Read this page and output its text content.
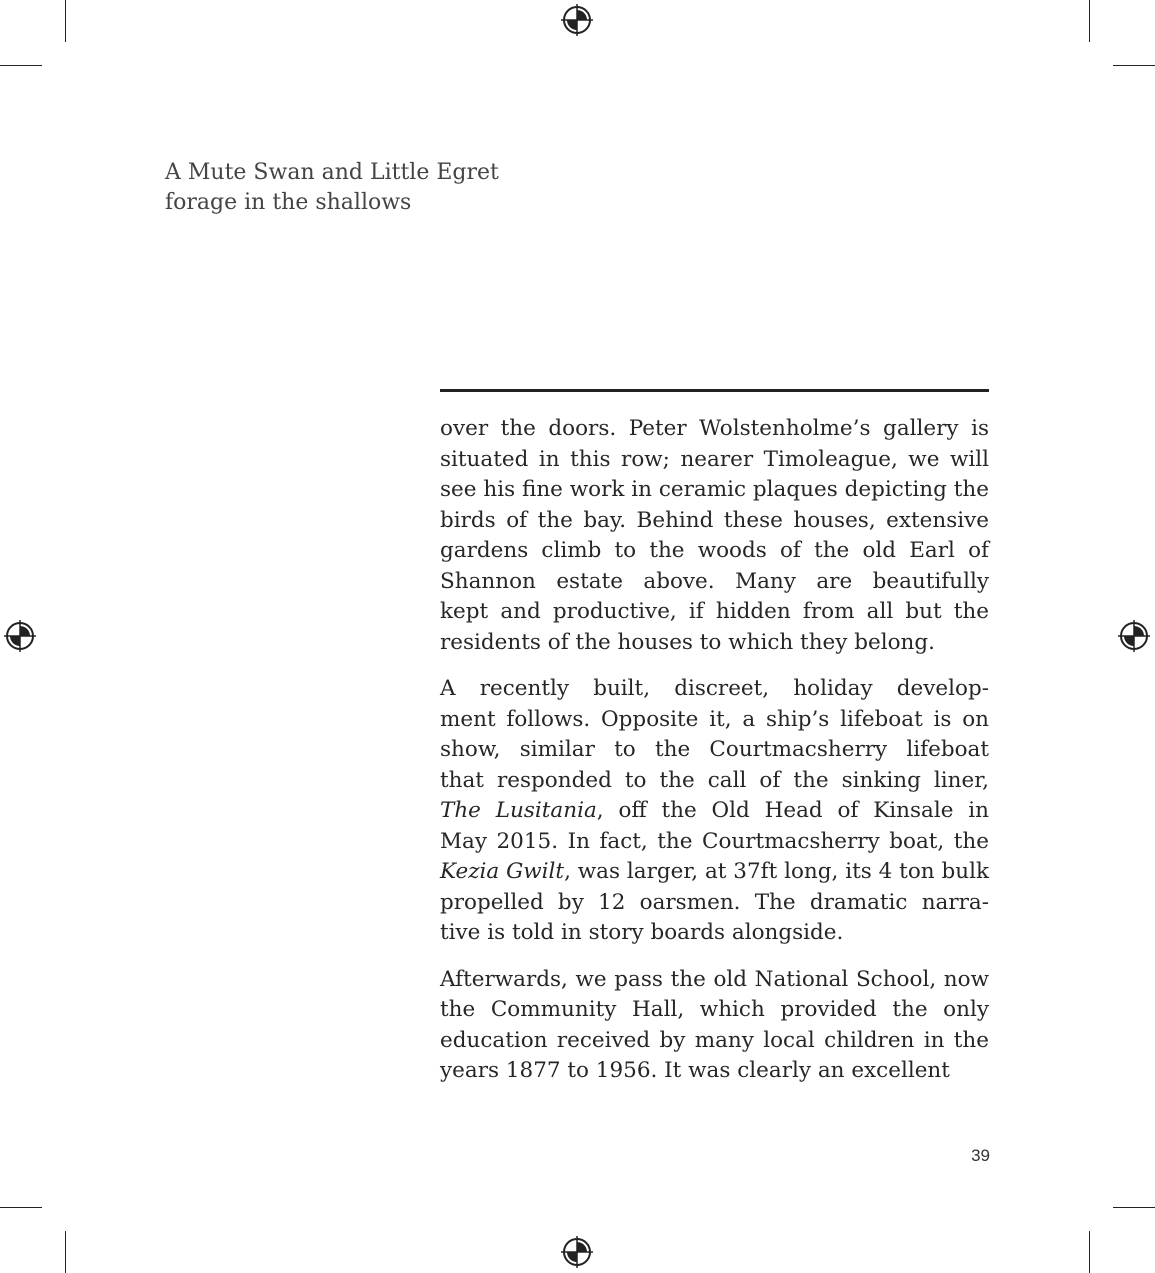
A Mute Swan and Little Egret
forage in the shallows
over the doors. Peter Wolstenholme’s gallery is
situated in this row; nearer Timoleague, we will
see his fine work in ceramic plaques depicting the
birds of the bay. Behind these houses, extensive
gardens climb to the woods of the old Earl of
Shannon estate above. Many are beautifully
kept and productive, if hidden from all but the
residents of the houses to which they belong.
A recently built, discreet, holiday develop-
ment follows. Opposite it, a ship’s lifeboat is on
show, similar to the Courtmacsherry lifeboat
that responded to the call of the sinking liner,
The Lusitania, off the Old Head of Kinsale in
May 2015. In fact, the Courtmacsherry boat, the
Kezia Gwilt, was larger, at 37ft long, its 4 ton bulk
propelled by 12 oarsmen. The dramatic narra-
tive is told in story boards alongside.
Afterwards, we pass the old National School, now
the Community Hall, which provided the only
education received by many local children in the
years 1877 to 1956. It was clearly an excellent
39
